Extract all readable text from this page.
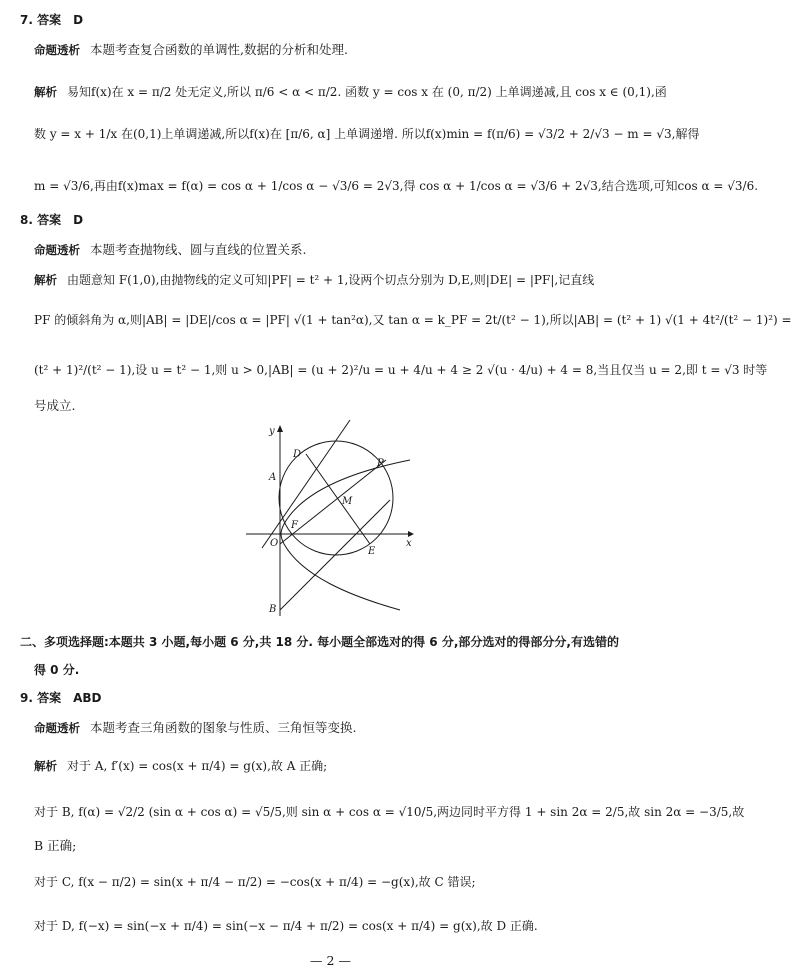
7. 答案　D
命题透析 本题考查复合函数的单调性,数据的分析和处理.
解析 易知f(x)在 x = π/2 处无定义,所以 π/6 < α < π/2. 函数 y = cos x 在 (0, π/2) 上单调递减,且 cos x ∈ (0,1),函
数 y = x + 1/x 在(0,1)上单调递减,所以f(x)在 [π/6, α] 上单调递增. 所以f(x)min = f(π/6) = √3/2 + 2/√3 − m = √3,解得
m = √3/6,再由f(x)max = f(α) = cos α + 1/cos α − √3/6 = 2√3,得 cos α + 1/cos α = √3/6 + 2√3,结合选项,可知cos α = √3/6.
8. 答案　D
命题透析 本题考查抛物线、圆与直线的位置关系.
解析 由题意知 F(1,0),由抛物线的定义可知|PF| = t² + 1,设两个切点分别为 D,E,则|DE| = |PF|,记直线
PF 的倾斜角为 α,则|AB| = |DE|/cos α = |PF| √(1 + tan²α),又 tan α = k_PF = 2t/(t² − 1),所以|AB| = (t² + 1) √(1 + 4t²/(t² − 1)²) =
(t² + 1)²/(t² − 1),设 u = t² − 1,则 u > 0,|AB| = (u + 2)²/u = u + 4/u + 4 ≥ 2 √(u · 4/u) + 4 = 8,当且仅当 u = 2,即 t = √3 时等
号成立.
y
x
O
D
P
A
M
F
E
B
二、多项选择题:本题共 3 小题,每小题 6 分,共 18 分. 每小题全部选对的得 6 分,部分选对的得部分分,有选错的
得 0 分.
9. 答案　ABD
命题透析 本题考查三角函数的图象与性质、三角恒等变换.
解析 对于 A, f′(x) = cos(x + π/4) = g(x),故 A 正确;
对于 B, f(α) = √2/2 (sin α + cos α) = √5/5,则 sin α + cos α = √10/5,两边同时平方得 1 + sin 2α = 2/5,故 sin 2α = −3/5,故
B 正确;
对于 C, f(x − π/2) = sin(x + π/4 − π/2) = −cos(x + π/4) = −g(x),故 C 错误;
对于 D, f(−x) = sin(−x + π/4) = sin(−x − π/4 + π/2) = cos(x + π/4) = g(x),故 D 正确.
— 2 —
